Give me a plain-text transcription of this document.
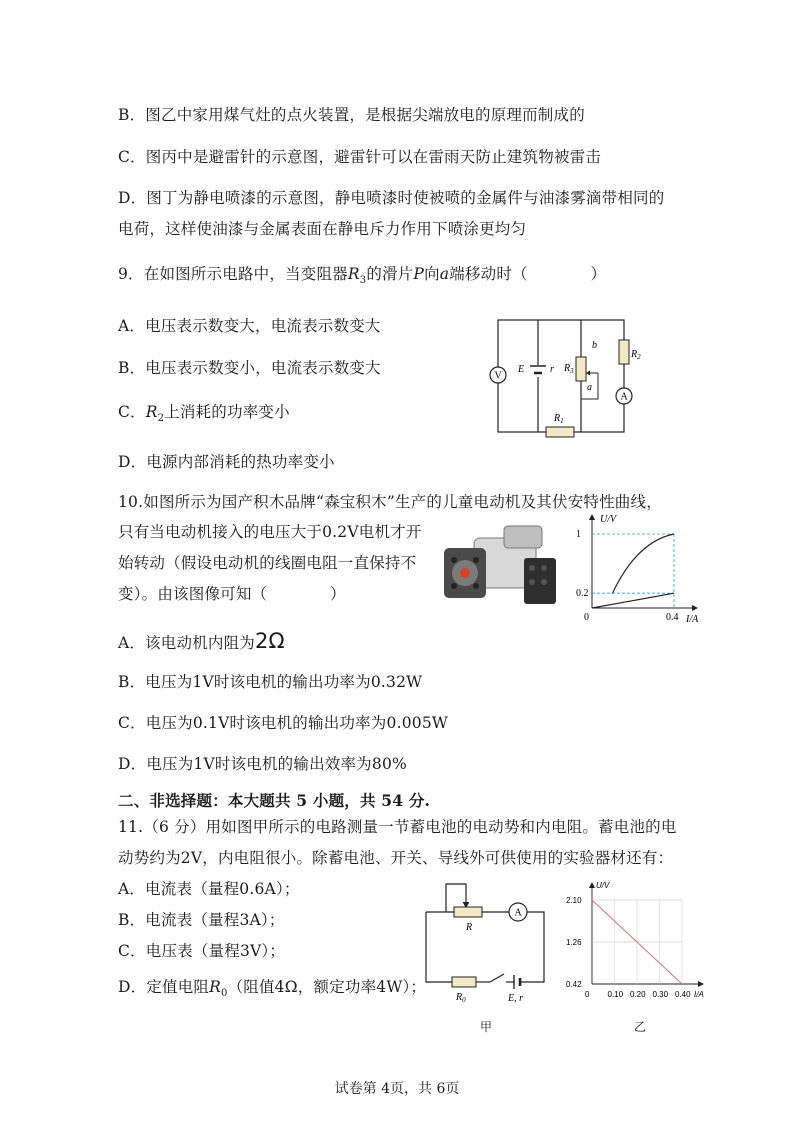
B．图乙中家用煤气灶的点火装置，是根据尖端放电的原理而制成的
C．图丙中是避雷针的示意图，避雷针可以在雷雨天防止建筑物被雷击
D．图丁为静电喷漆的示意图，静电喷漆时使被喷的金属件与油漆雾滴带相同的
电荷，这样使油漆与金属表面在静电斥力作用下喷涂更均匀
9．在如图所示电路中，当变阻器$R_3$的滑片P向a端移动时（　　　　）
A．电压表示数变大，电流表示数变大
B．电压表示数变小，电流表示数变大
C．$R_2$上消耗的功率变小
D．电源内部消耗的热功率变小
V
E	r
b
a
$R_3$
$R_2$
A
$R_1$
10.如图所示为国产积木品牌“森宝积木”生产的儿童电动机及其伏安特性曲线，
只有当电动机接入的电压大于0.2V电机才开
始转动（假设电动机的线圈电阻一直保持不
变）。由该图像可知（　　　　）
A．该电动机内阻为2Ω
B．电压为1V时该电机的输出功率为0.32W
C．电压为0.1V时该电机的输出功率为0.005W
D．电压为1V时该电机的输出效率为80%
U/V
I/A
0
1
0.2
0.4
二、非选择题：本大题共 5 小题，共 54 分.
11.（6 分）用如图甲所示的电路测量一节蓄电池的电动势和内电阻。蓄电池的电
动势约为2V，内电阻很小。除蓄电池、开关、导线外可供使用的实验器材还有：
A．电流表（量程0.6A）；
B．电流表（量程3A）；
C．电压表（量程3V）；
D．定值电阻$R_0$（阻值4Ω，额定功率4W）；
R
A
$R_0$	E, r
甲
U/V
I/A
2.10
1.26
0.42
0 0.10 0.20 0.30 0.40
乙
试卷第 4页，共 6页
